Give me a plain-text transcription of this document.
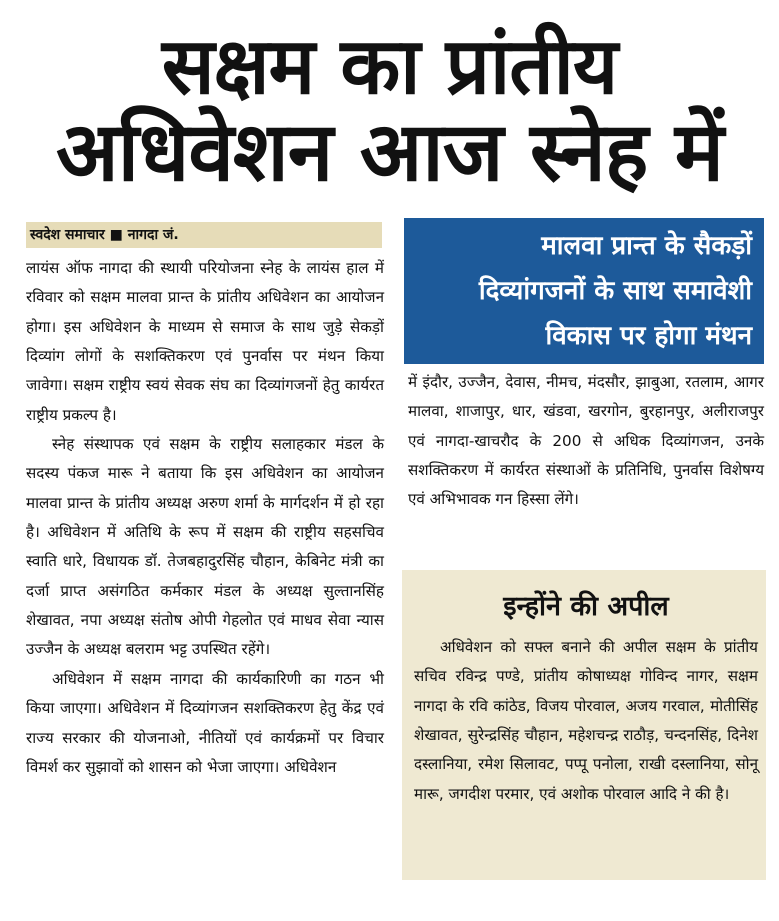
सक्षम का प्रांतीय
अधिवेशन आज स्नेह में
स्वदेश समाचार ■ नागदा जं.

लायंस ऑफ नागदा की स्थायी परियोजना स्नेह के लायंस हाल में रविवार को सक्षम मालवा प्रान्त के प्रांतीय अधिवेशन का आयोजन होगा। इस अधिवेशन के माध्यम से समाज के साथ जुड़े सेकड़ों दिव्यांग लोगों के सशक्तिकरण एवं पुनर्वास पर मंथन किया जावेगा। सक्षम राष्ट्रीय स्वयं सेवक संघ का दिव्यांगजनों हेतु कार्यरत राष्ट्रीय प्रकल्प है।

स्नेह संस्थापक एवं सक्षम के राष्ट्रीय सलाहकार मंडल के सदस्य पंकज मारू ने बताया कि इस अधिवेशन का आयोजन मालवा प्रान्त के प्रांतीय अध्यक्ष अरुण शर्मा के मार्गदर्शन में हो रहा है। अधिवेशन में अतिथि के रूप में सक्षम की राष्ट्रीय सहसचिव स्वाति धारे, विधायक डॉ. तेजबहादुरसिंह चौहान, केबिनेट मंत्री का दर्जा प्राप्त असंगठित कर्मकार मंडल के अध्यक्ष सुल्तानसिंह शेखावत, नपा अध्यक्ष संतोष ओपी गेहलोत एवं माधव सेवा न्यास उज्जैन के अध्यक्ष बलराम भट्ट उपस्थित रहेंगे।

अधिवेशन में सक्षम नागदा की कार्यकारिणी का गठन भी किया जाएगा। अधिवेशन में दिव्यांगजन सशक्तिकरण हेतु केंद्र एवं राज्य सरकार की योजनाओ, नीतियों एवं कार्यक्रमों पर विचार विमर्श कर सुझावों को शासन को भेजा जाएगा। अधिवेशन

मालवा प्रान्त के सैकड़ों
दिव्यांगजनों के साथ समावेशी
विकास पर होगा मंथन

में इंदौर, उज्जैन, देवास, नीमच, मंदसौर, झाबुआ, रतलाम, आगर मालवा, शाजापुर, धार, खंडवा, खरगोन, बुरहानपुर, अलीराजपुर एवं नागदा-खाचरौद के 200 से अधिक दिव्यांगजन, उनके सशक्तिकरण में कार्यरत संस्थाओं के प्रतिनिधि, पुनर्वास विशेषग्य एवं अभिभावक गन हिस्सा लेंगे।

इन्होंने की अपील

अधिवेशन को सफ्ल बनाने की अपील सक्षम के प्रांतीय सचिव रविन्द्र पण्डे, प्रांतीय कोषाध्यक्ष गोविन्द नागर, सक्षम नागदा के रवि कांठेड, विजय पोरवाल, अजय गरवाल, मोतीसिंह शेखावत, सुरेन्द्रसिंह चौहान, महेशचन्द्र राठौड़, चन्दनसिंह, दिनेश दस्लानिया, रमेश सिलावट, पप्पू पनोला, राखी दस्लानिया, सोनू मारू, जगदीश परमार, एवं अशोक पोरवाल आदि ने की है।
